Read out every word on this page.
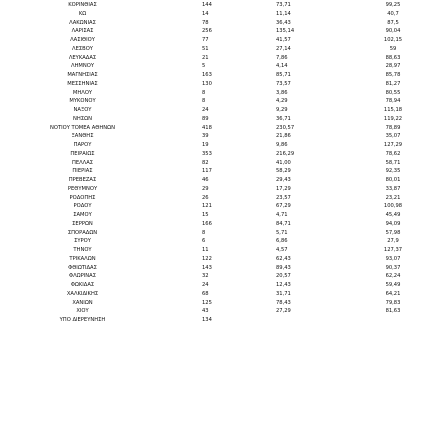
ΚΟΡΙΝΘΙΑΣ	144	73,71	99,25
ΚΩ	14	11,14	40,7
ΛΑΚΩΝΙΑΣ	78	36,43	87,5
ΛΑΡΙΣΑΣ	256	135,14	90,04
ΛΑΣΙΘΙΟΥ	77	41,57	102,15
ΛΕΣΒΟΥ	51	27,14	59
ΛΕΥΚΑΔΑΣ	21	7,86	88,63
ΛΗΜΝΟΥ	5	4,14	28,97
ΜΑΓΝΗΣΙΑΣ	163	85,71	85,78
ΜΕΣΣΗΝΙΑΣ	130	73,57	81,27
ΜΗΛΟΥ	8	3,86	80,55
ΜΥΚΟΝΟΥ	8	4,29	78,94
ΝΑΞΟΥ	24	9,29	115,18
ΝΗΣΩΝ	89	36,71	119,22
ΝΟΤΙΟΥ ΤΟΜΕΑ ΑΘΗΝΩΝ	418	230,57	78,89
ΞΑΝΘΗΣ	39	21,86	35,07
ΠΑΡΟΥ	19	9,86	127,29
ΠΕΙΡΑΙΩΣ	353	216,29	78,62
ΠΕΛΛΑΣ	82	41,00	58,71
ΠΙΕΡΙΑΣ	117	58,29	92,35
ΠΡΕΒΕΖΑΣ	46	29,43	80,01
ΡΕΘΥΜΝΟΥ	29	17,29	33,87
ΡΟΔΟΠΗΣ	26	23,57	23,21
ΡΟΔΟΥ	121	67,29	100,98
ΣΑΜΟΥ	15	4,71	45,49
ΣΕΡΡΩΝ	166	84,71	94,09
ΣΠΟΡΑΔΩΝ	8	5,71	57,98
ΣΥΡΟΥ	6	6,86	27,9
ΤΗΝΟΥ	11	4,57	127,37
ΤΡΙΚΑΛΩΝ	122	62,43	93,07
ΦΘΙΩΤΙΔΑΣ	143	89,43	90,37
ΦΛΩΡΙΝΑΣ	32	20,57	62,24
ΦΩΚΙΔΑΣ	24	12,43	59,49
ΧΑΛΚΙΔΙΚΗΣ	68	31,71	64,21
ΧΑΝΙΩΝ	125	78,43	79,83
ΧΙΟΥ	43	27,29	81,63
ΥΠΟ ΔΙΕΡΕΥΝΗΣΗ	134
